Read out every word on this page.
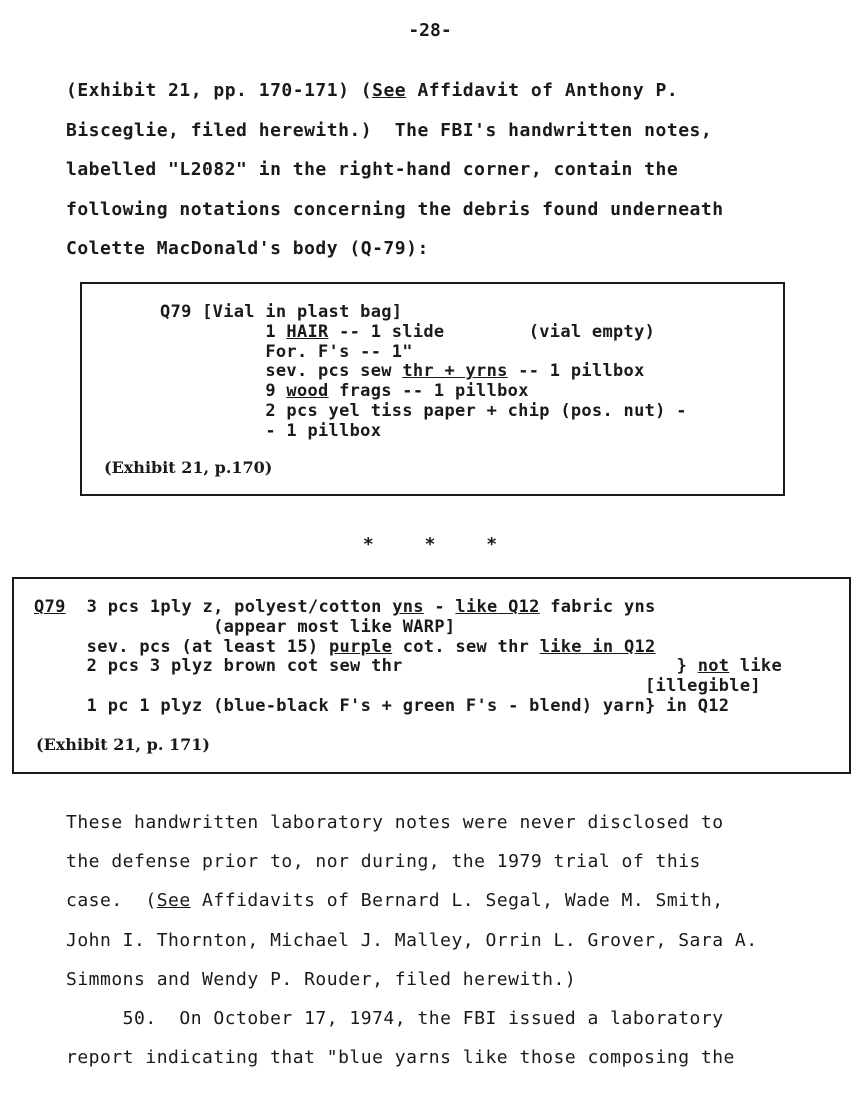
-28-
(Exhibit 21, pp. 170-171) (See Affidavit of Anthony P.
Bisceglie, filed herewith.)  The FBI's handwritten notes,
labelled "L2082" in the right-hand corner, contain the
following notations concerning the debris found underneath
Colette MacDonald's body (Q-79):
Q79 [Vial in plast bag]
1 HAIR -- 1 slide        (vial empty)
For. F's -- 1"
sev. pcs sew thr + yrns -- 1 pillbox
9 wood frags -- 1 pillbox
2 pcs yel tiss paper + chip (pos. nut) -
- 1 pillbox
(Exhibit 21, p.170)
* * *
Q79  3 pcs 1ply z, polyest/cotton yns - like Q12 fabric yns
(appear most like WARP]
sev. pcs (at least 15) purple cot. sew thr like in Q12
2 pcs 3 plyz brown cot sew thr                          } not like
[illegible]
1 pc 1 plyz (blue-black F's + green F's - blend) yarn} in Q12
(Exhibit 21, p. 171)
These handwritten laboratory notes were never disclosed to
the defense prior to, nor during, the 1979 trial of this
case.  (See Affidavits of Bernard L. Segal, Wade M. Smith,
John I. Thornton, Michael J. Malley, Orrin L. Grover, Sara A.
Simmons and Wendy P. Rouder, filed herewith.)
50.  On October 17, 1974, the FBI issued a laboratory
report indicating that "blue yarns like those composing the
